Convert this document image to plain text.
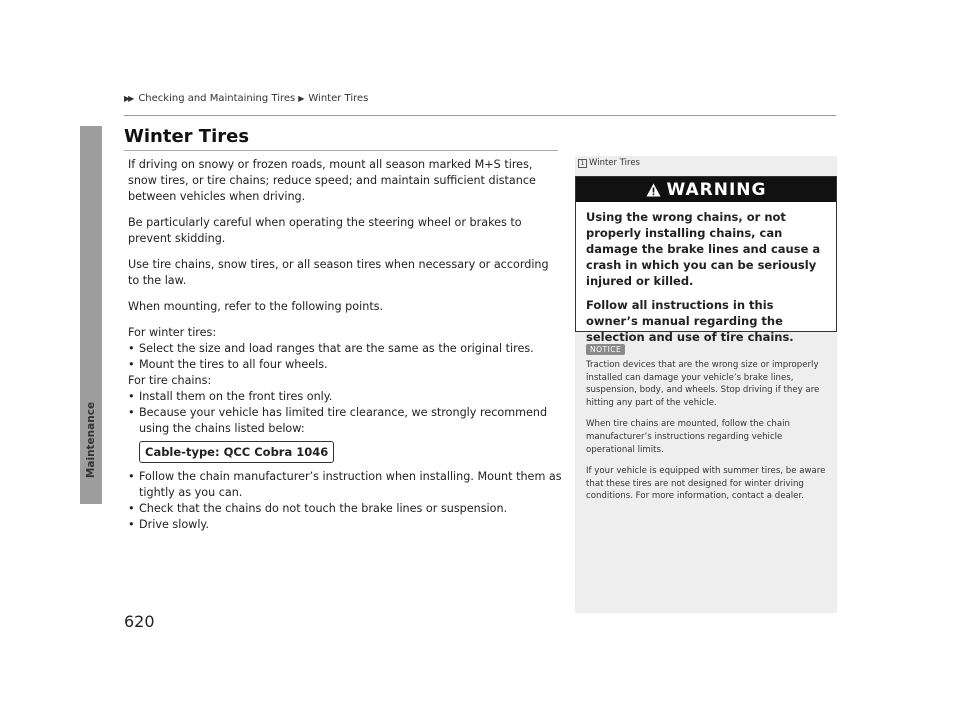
Maintenance
▶▶ Checking and Maintaining Tires ▶ Winter Tires
Winter Tires

If driving on snowy or frozen roads, mount all season marked M+S tires, snow tires, or tire chains; reduce speed; and maintain sufficient distance between vehicles when driving.

Be particularly careful when operating the steering wheel or brakes to prevent skidding.

Use tire chains, snow tires, or all season tires when necessary or according to the law.

When mounting, refer to the following points.

For winter tires:
• Select the size and load ranges that are the same as the original tires.
• Mount the tires to all four wheels.
For tire chains:
• Install them on the front tires only.
• Because your vehicle has limited tire clearance, we strongly recommend using the chains listed below:
Cable-type: QCC Cobra 1046
• Follow the chain manufacturer’s instruction when installing. Mount them as tightly as you can.
• Check that the chains do not touch the brake lines or suspension.
• Drive slowly.
1 Winter Tires
WARNING

Using the wrong chains, or not properly installing chains, can damage the brake lines and cause a crash in which you can be seriously injured or killed.

Follow all instructions in this owner’s manual regarding the selection and use of tire chains.

NOTICE

Traction devices that are the wrong size or improperly installed can damage your vehicle’s brake lines, suspension, body, and wheels. Stop driving if they are hitting any part of the vehicle.

When tire chains are mounted, follow the chain manufacturer’s instructions regarding vehicle operational limits.

If your vehicle is equipped with summer tires, be aware that these tires are not designed for winter driving conditions. For more information, contact a dealer.

620
